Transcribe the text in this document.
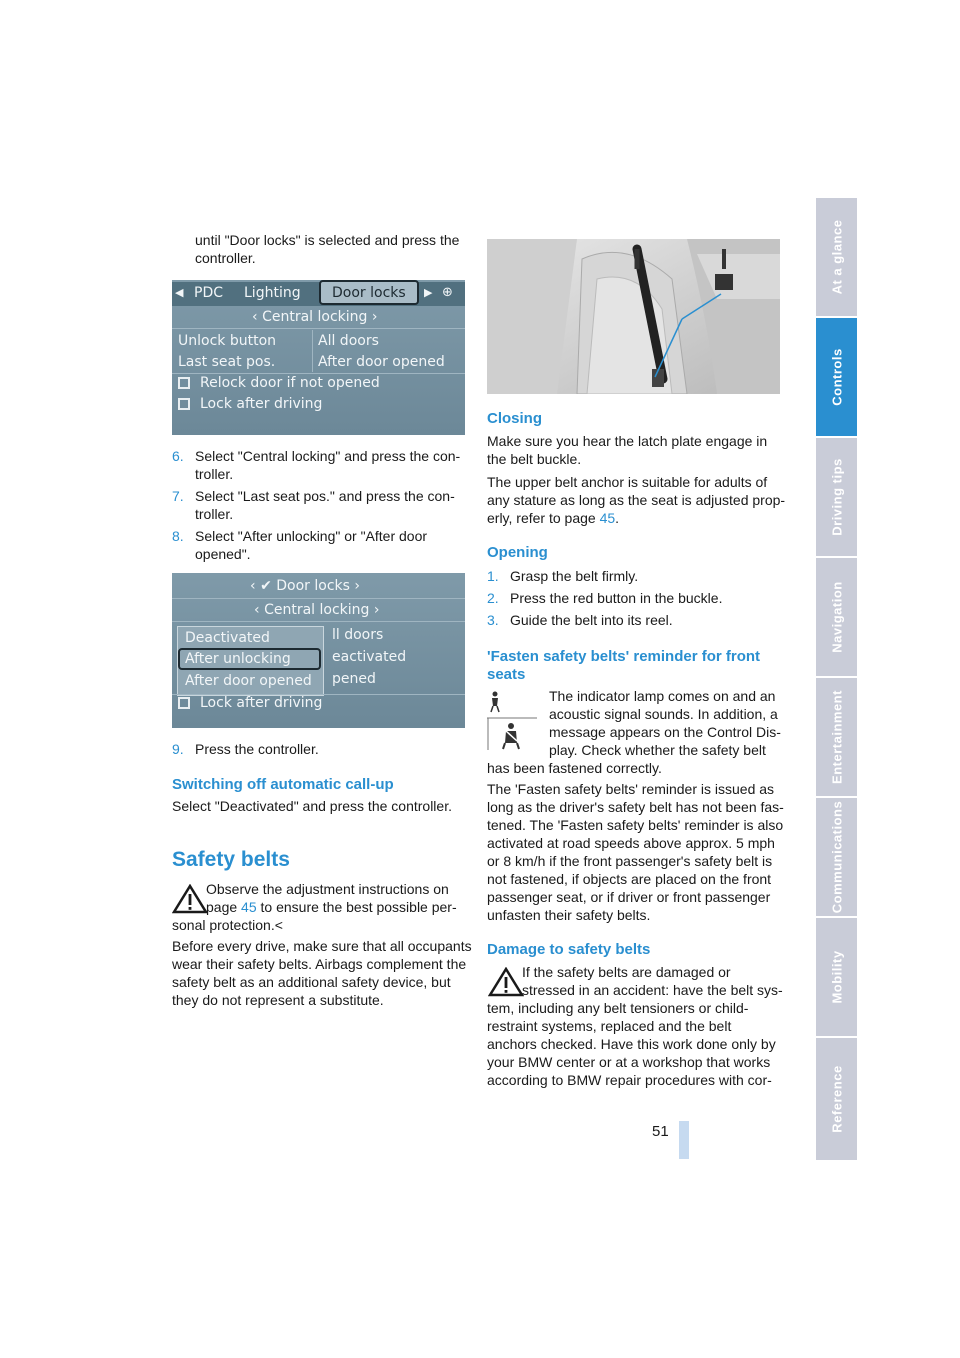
until "Door locks" is selected and press the controller.
◀ PDC Lighting Door locks ▶ ⊕
‹ Central locking ›
Unlock button	All doors
Last seat pos.	After door opened
Relock door if not opened
Lock after driving
6. Select "Central locking" and press the con-
troller.
7. Select "Last seat pos." and press the con-
troller.
8. Select "After unlocking" or "After door
opened".
‹ ✔ Door locks ›
‹ Central locking ›
Deactivated
After unlocking
After door opened
ll doors
eactivated
pened
Lock after driving
9. Press the controller.
Switching off automatic call-up
Select "Deactivated" and press the controller.
Safety belts
Observe the adjustment instructions on
page 45 to ensure the best possible per-
sonal protection.<
Before every drive, make sure that all occupants
wear their safety belts. Airbags complement the
safety belt as an additional safety device, but
they do not represent a substitute.
Closing
Make sure you hear the latch plate engage in
the belt buckle.
The upper belt anchor is suitable for adults of
any stature as long as the seat is adjusted prop-
erly, refer to page 45.
Opening
1. Grasp the belt firmly.
2. Press the red button in the buckle.
3. Guide the belt into its reel.
'Fasten safety belts' reminder for front
seats
The indicator lamp comes on and an
acoustic signal sounds. In addition, a
message appears on the Control Dis-
play. Check whether the safety belt
has been fastened correctly.
The 'Fasten safety belts' reminder is issued as
long as the driver's safety belt has not been fas-
tened. The 'Fasten safety belts' reminder is also
activated at road speeds above approx. 5 mph
or 8 km/h if the front passenger's safety belt is
not fastened, if objects are placed on the front
passenger seat, or if driver or front passenger
unfasten their safety belts.
Damage to safety belts
If the safety belts are damaged or
stressed in an accident: have the belt sys-
tem, including any belt tensioners or child-
restraint systems, replaced and the belt
anchors checked. Have this work done only by
your BMW center or at a workshop that works
according to BMW repair procedures with cor-
51
At a glance
Controls
Driving tips
Navigation
Entertainment
Communications
Mobility
Reference
